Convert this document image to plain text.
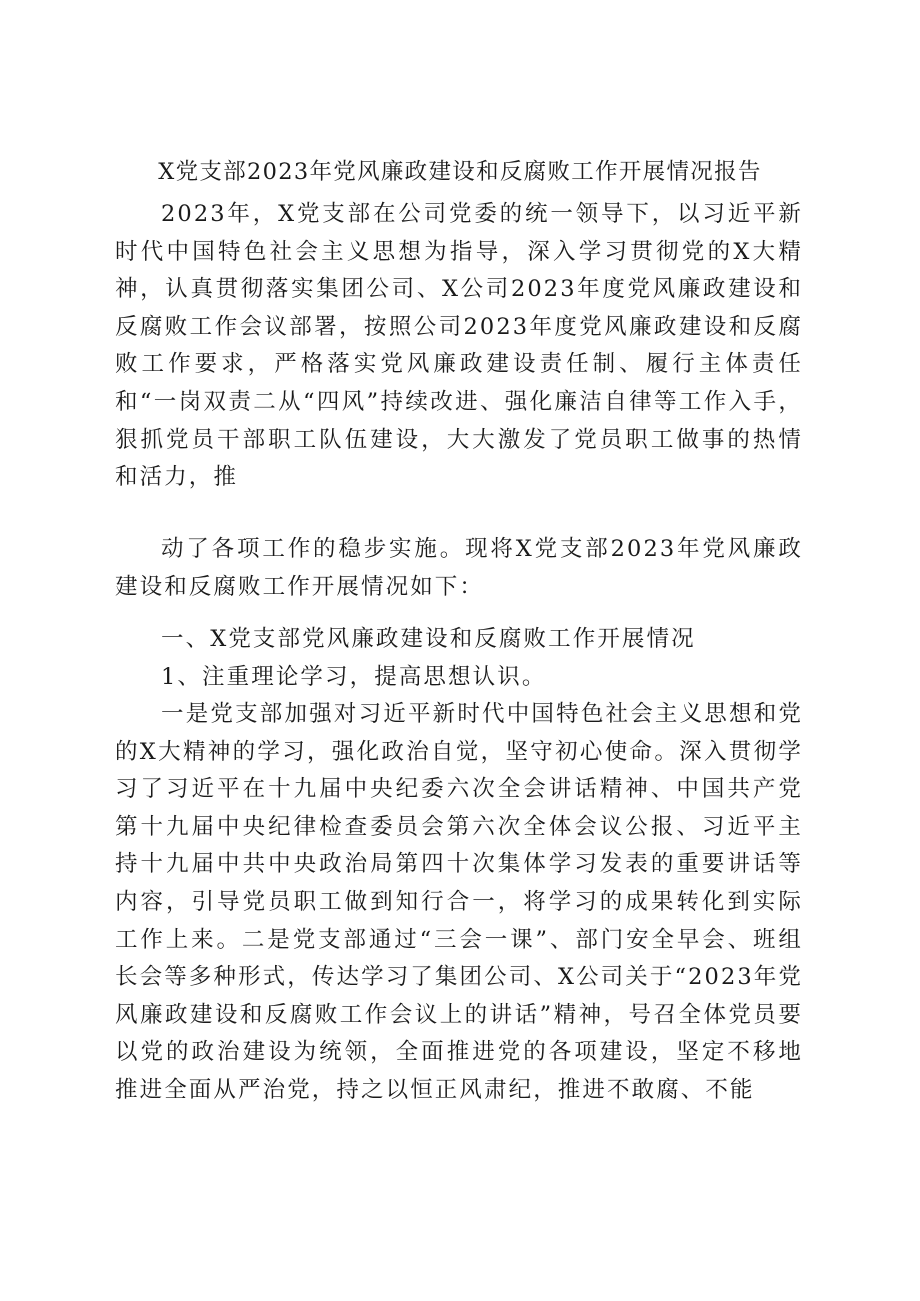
X党支部2023年党风廉政建设和反腐败工作开展情况报告

2023年，X党支部在公司党委的统一领导下，以习近平新时代中国特色社会主义思想为指导，深入学习贯彻党的X大精神，认真贯彻落实集团公司、X公司2023年度党风廉政建设和反腐败工作会议部署，按照公司2023年度党风廉政建设和反腐败工作要求，严格落实党风廉政建设责任制、履行主体责任和“一岗双责二从“四风”持续改进、强化廉洁自律等工作入手，狠抓党员干部职工队伍建设，大大激发了党员职工做事的热情和活力，推

动了各项工作的稳步实施。现将X党支部2023年党风廉政建设和反腐败工作开展情况如下：

一、X党支部党风廉政建设和反腐败工作开展情况

1、注重理论学习，提高思想认识。

一是党支部加强对习近平新时代中国特色社会主义思想和党的X大精神的学习，强化政治自觉，坚守初心使命。深入贯彻学习了习近平在十九届中央纪委六次全会讲话精神、中国共产党第十九届中央纪律检查委员会第六次全体会议公报、习近平主持十九届中共中央政治局第四十次集体学习发表的重要讲话等内容，引导党员职工做到知行合一，将学习的成果转化到实际工作上来。二是党支部通过“三会一课”、部门安全早会、班组长会等多种形式，传达学习了集团公司、X公司关于“2023年党风廉政建设和反腐败工作会议上的讲话”精神，号召全体党员要以党的政治建设为统领，全面推进党的各项建设，坚定不移地推进全面从严治党，持之以恒正风肃纪，推进不敢腐、不能
